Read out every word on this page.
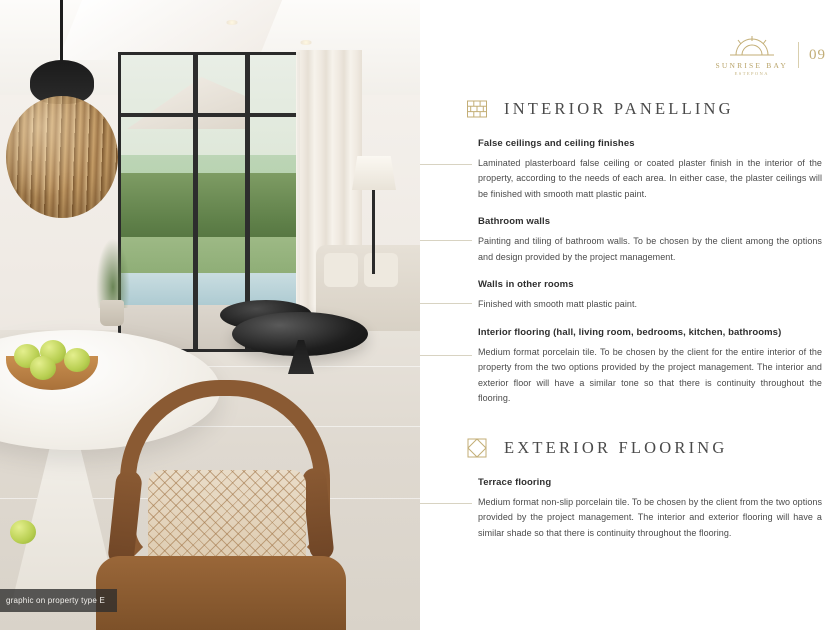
graphic on property type E
SUNRISE BAY
ESTEPONA
09
INTERIOR PANELLING
False ceilings and ceiling finishes

Laminated plasterboard false ceiling or coated plaster finish in the interior of the property, according to the needs of each area. In either case, the plaster ceilings will be finished with smooth matt plastic paint.

Bathroom walls

Painting and tiling of bathroom walls. To be chosen by the client among the options and design provided by the project management.

Walls in other rooms

Finished with smooth matt plastic paint.

Interior flooring (hall, living room, bedrooms, kitchen, bathrooms)

Medium format porcelain tile. To be chosen by the client for the entire interior of the property from the two options provided by the project management. The interior and exterior floor will have a similar tone so that there is continuity throughout the flooring.

EXTERIOR FLOORING
Terrace flooring

Medium format non-slip porcelain tile. To be chosen by the client from the two options provided by the project management. The interior and exterior flooring will have a similar shade so that there is continuity throughout the flooring.
